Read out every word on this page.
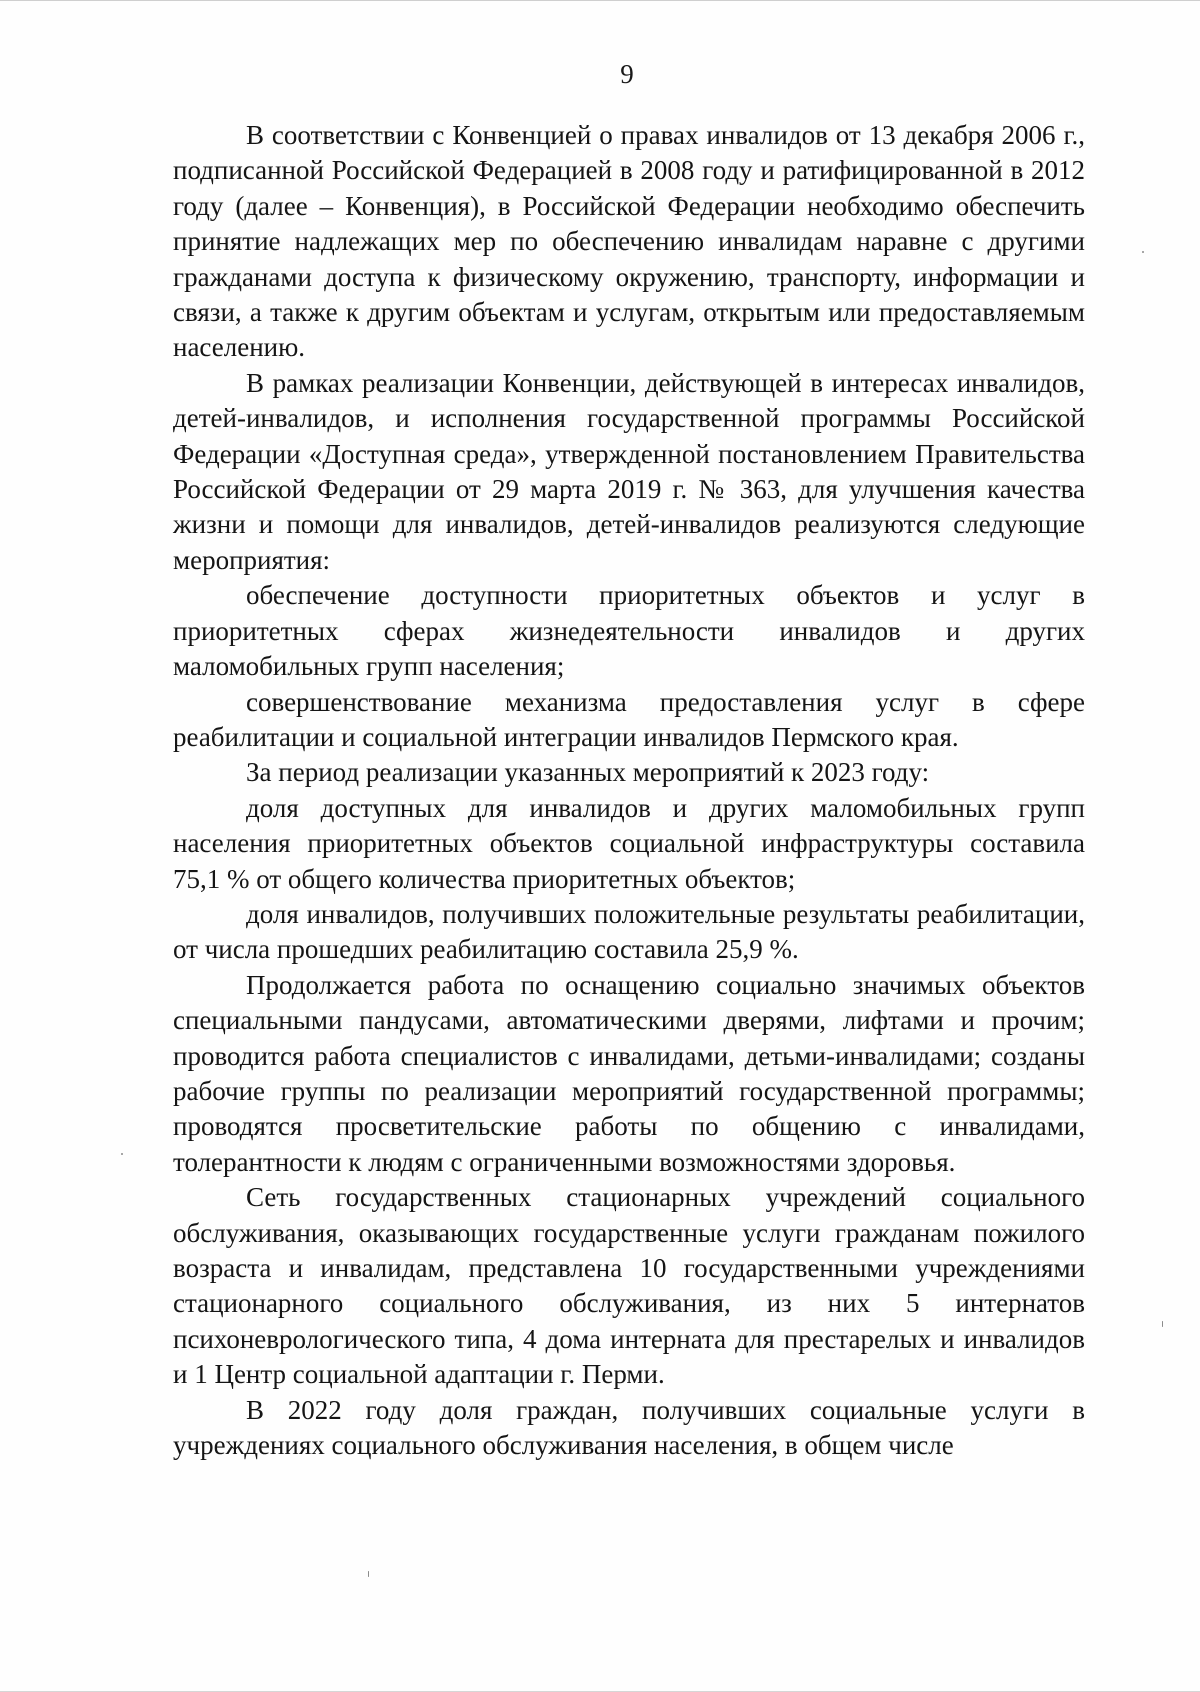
9

В соответствии с Конвенцией о правах инвалидов от 13 декабря 2006 г., подписанной Российской Федерацией в 2008 году и ратифицированной в 2012 году (далее – Конвенция), в Российской Федерации необходимо обеспечить принятие надлежащих мер по обеспечению инвалидам наравне с другими гражданами доступа к физическому окружению, транспорту, информации и связи, а также к другим объектам и услугам, открытым или предоставляемым населению.

В рамках реализации Конвенции, действующей в интересах инвалидов, детей-инвалидов, и исполнения государственной программы Российской Федерации «Доступная среда», утвержденной постановлением Правительства Российской Федерации от 29 марта 2019 г. № 363, для улучшения качества жизни и помощи для инвалидов, детей-инвалидов реализуются следующие мероприятия:

обеспечение доступности приоритетных объектов и услуг в приоритетных сферах жизнедеятельности инвалидов и других маломобильных групп населения;

совершенствование механизма предоставления услуг в сфере реабилитации и социальной интеграции инвалидов Пермского края.

За период реализации указанных мероприятий к 2023 году:

доля доступных для инвалидов и других маломобильных групп населения приоритетных объектов социальной инфраструктуры составила 75,1 % от общего количества приоритетных объектов;

доля инвалидов, получивших положительные результаты реабилитации, от числа прошедших реабилитацию составила 25,9 %.

Продолжается работа по оснащению социально значимых объектов специальными пандусами, автоматическими дверями, лифтами и прочим; проводится работа специалистов с инвалидами, детьми-инвалидами; созданы рабочие группы по реализации мероприятий государственной программы; проводятся просветительские работы по общению с инвалидами, толерантности к людям с ограниченными возможностями здоровья.

Сеть государственных стационарных учреждений социального обслуживания, оказывающих государственные услуги гражданам пожилого возраста и инвалидам, представлена 10 государственными учреждениями стационарного социального обслуживания, из них 5 интернатов психоневрологического типа, 4 дома интерната для престарелых и инвалидов и 1 Центр социальной адаптации г. Перми.

В 2022 году доля граждан, получивших социальные услуги в учреждениях социального обслуживания населения, в общем числе
